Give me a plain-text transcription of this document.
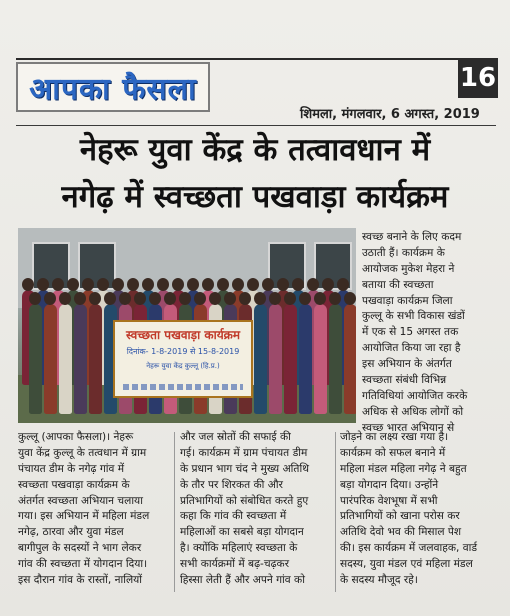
आपका फैसला	16
शिमला, मंगलवार, 6 अगस्त, 2019
नेहरू युवा केंद्र के तत्वावधान में
नगेढ़ में स्वच्छता पखवाड़ा कार्यक्रम
स्वच्छता पखवाड़ा कार्यक्रम
दिनांक- 1-8-2019 से 15-8-2019
नेहरू युवा केंद्र कुल्लू (हि.प्र.)
स्वच्छ बनाने के लिए कदम
उठाती हैं। कार्यक्रम के
आयोजक मुकेश मेहरा ने
बताया की स्वच्छता
पखवाड़ा कार्यक्रम जिला
कुल्लू के सभी विकास खंडों
में एक से 15 अगस्त तक
आयोजित किया जा रहा है
इस अभियान के अंतर्गत
स्वच्छता संबंधी विभिन्न
गतिविधियां आयोजित करके
अधिक से अधिक लोगों को
स्वच्छ भारत अभियान से
कुल्लू (आपका फैसला)। नेहरू
युवा केंद्र कुल्लू के तत्वधान में ग्राम
पंचायत डीम के नगेढ़ गांव में
स्वच्छता पखवाड़ा कार्यक्रम के
अंतर्गत स्वच्छता अभियान चलाया
गया। इस अभियान में महिला मंडल
नगेढ़, ठारवा और युवा मंडल
बागीपुल के सदस्यों ने भाग लेकर
गांव की स्वच्छता में योगदान दिया।
इस दौरान गांव के रास्तों, नालियों
और जल स्रोतों की सफाई की
गई। कार्यक्रम में ग्राम पंचायत डीम
के प्रधान भाग चंद ने मुख्य अतिथि
के तौर पर शिरकत की और
प्रतिभागियों को संबोधित करते हुए
कहा कि गांव की स्वच्छता में
महिलाओं का सबसे बड़ा योगदान
है। क्योंकि महिलाएं स्वच्छता के
सभी कार्यक्रमों में बढ़-चढ़कर
हिस्सा लेती हैं और अपने गांव को
जोड़ने का लक्ष्य रखा गया है।
कार्यक्रम को सफल बनाने में
महिला मंडल महिला नगेढ़ ने बहुत
बड़ा योगदान दिया। उन्होंने
पारंपरिक वेशभूषा में सभी
प्रतिभागियों को खाना परोस कर
अतिथि देवो भव की मिसाल पेश
की। इस कार्यक्रम में जलवाहक, वार्ड
सदस्य, युवा मंडल एवं महिला मंडल
के सदस्य मौजूद रहे।
